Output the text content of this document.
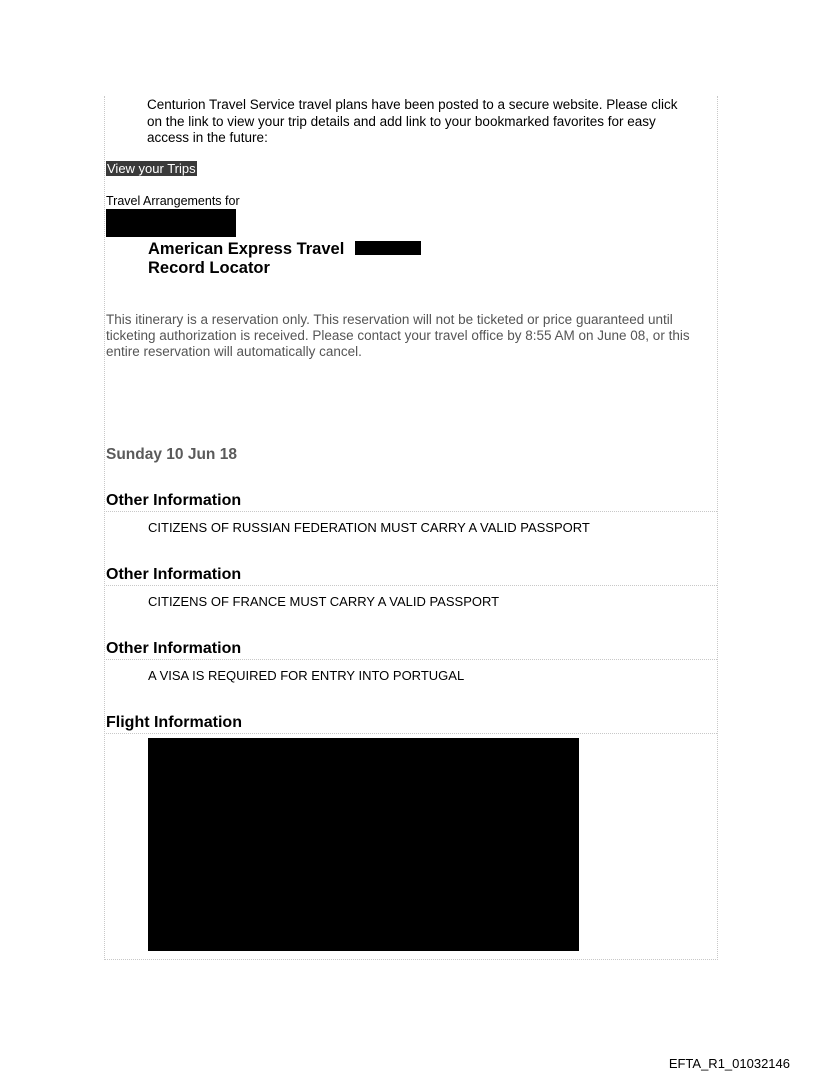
Centurion Travel Service travel plans have been posted to a secure website. Please click on the link to view your trip details and add link to your bookmarked favorites for easy access in the future:
View your Trips
Travel Arrangements for
American Express Travel
Record Locator
This itinerary is a reservation only. This reservation will not be ticketed or price guaranteed until ticketing authorization is received. Please contact your travel office by 8:55 AM on June 08, or this entire reservation will automatically cancel.
Sunday 10 Jun 18
Other Information
CITIZENS OF RUSSIAN FEDERATION MUST CARRY A VALID PASSPORT
Other Information
CITIZENS OF FRANCE MUST CARRY A VALID PASSPORT
Other Information
A VISA IS REQUIRED FOR ENTRY INTO PORTUGAL
Flight Information
EFTA_R1_01032146
